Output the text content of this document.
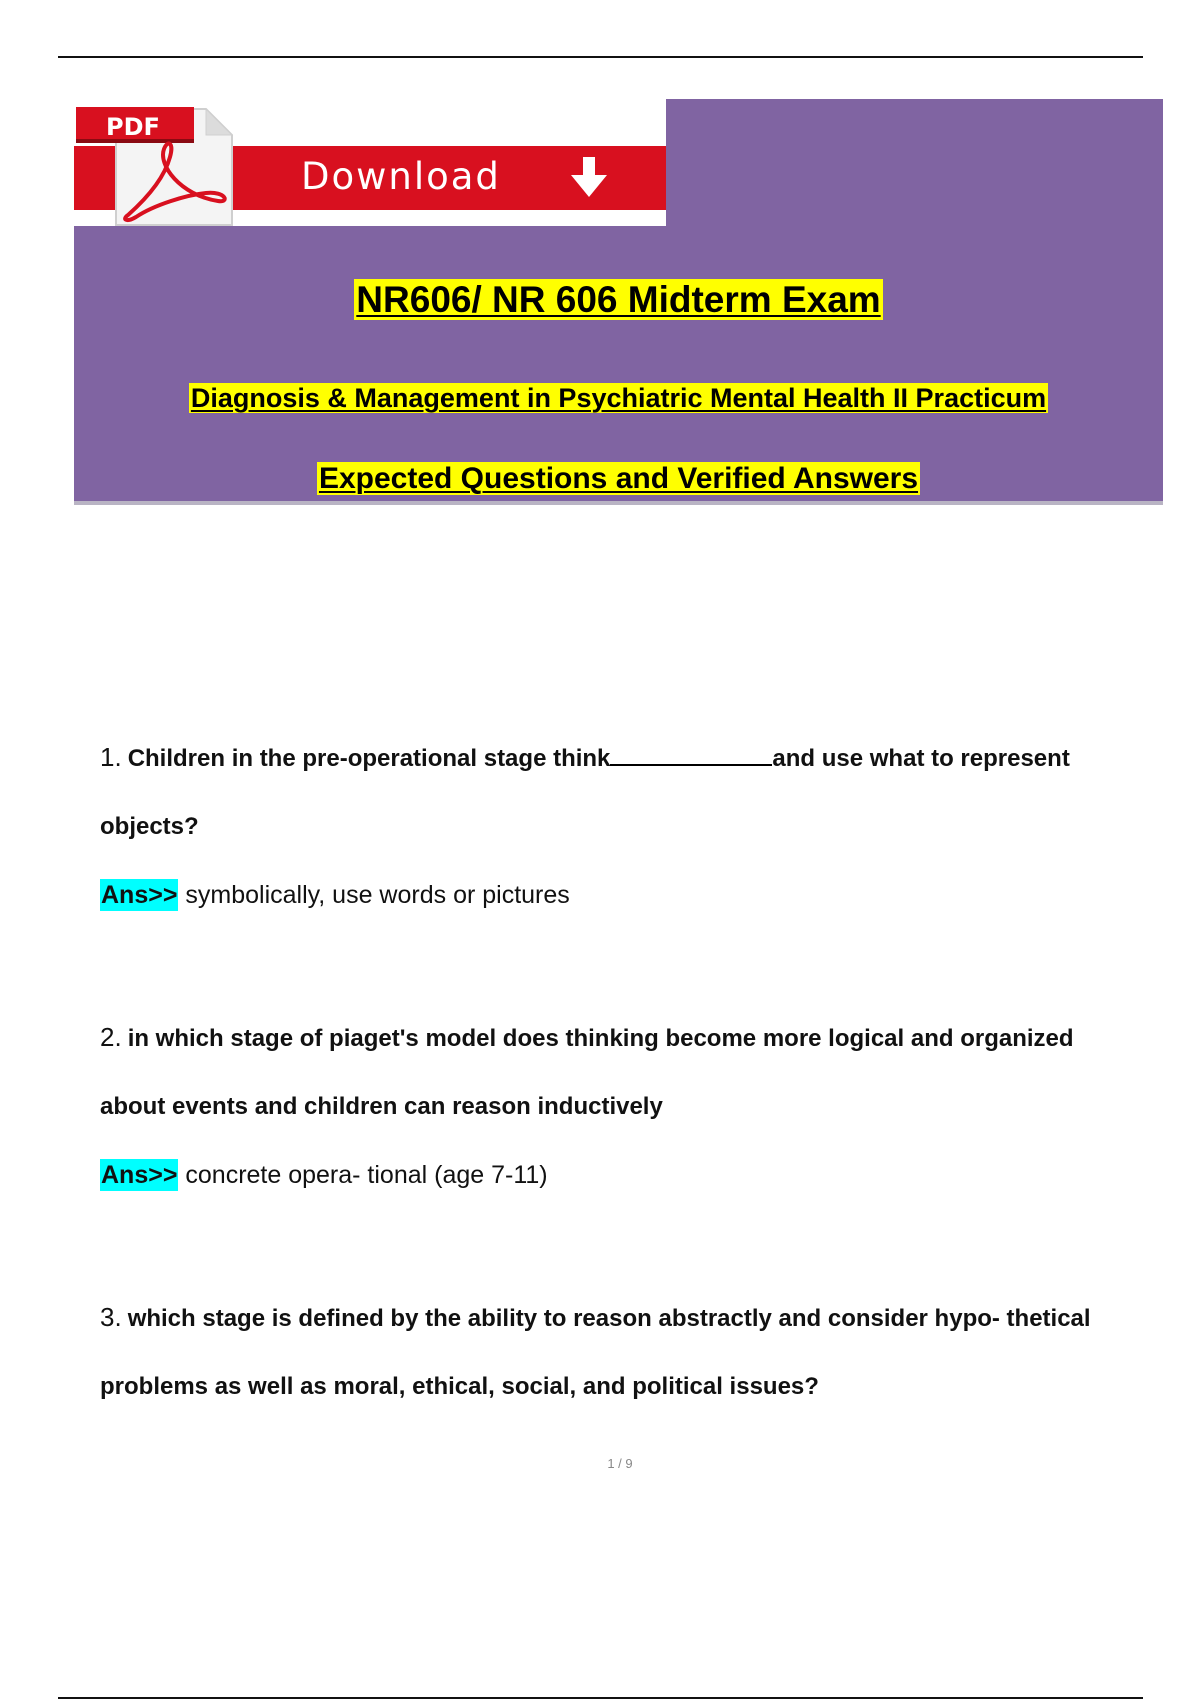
Download
PDF
NR606/ NR 606 Midterm Exam
Diagnosis & Management in Psychiatric Mental Health II Practicum
Expected Questions and Verified Answers
1. Children in the pre-operational stage think	and use what to represent
objects?
Ans>> symbolically, use words or pictures
2. in which stage of piaget's model does thinking become more logical and organized
about events and children can reason inductively
Ans>> concrete opera- tional (age 7-11)
3. which stage is defined by the ability to reason abstractly and consider hypo- thetical
problems as well as moral, ethical, social, and political issues?
1 / 9
